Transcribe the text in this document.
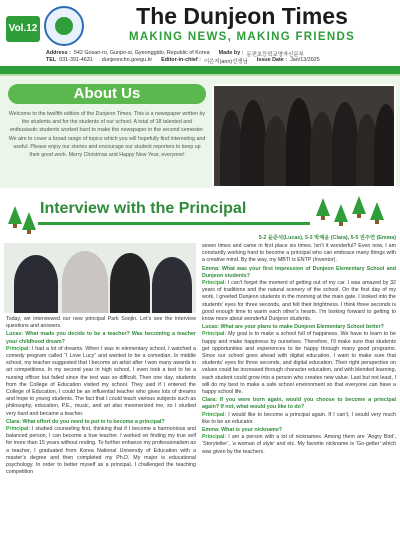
Vol.12	The Dunjeon Times
MAKING NEWS, MAKING FRIENDS
Address : 542 Gosan-ro, Gunpo-si, Gyeonggido, Republic of Korea Made by : 둔전초등학교영자신문부
TEL 031-391-4631 dunjeoncho.goegu.kr Editor-in-chief : 이은지(ann)선생님 Issue Date : Jan/13/2025
About Us
Welcome to the twelfth edition of the Dunjeon Times. This is a newspaper written by the students and for the students of our school. A total of 18 talented and enthusiastic students worked hard to make the newspaper in the second semester. We aim to cover a broad range of topics which you will hopefully find interesting and useful. Please enjoy our stories and encourage our student reporters to keep up their good work. Merry Christmas and Happy New Year, everyone!
Interview with the Principal
5-2 윤준석(Lucas), 5-3 박채윤 (Clara), 5-5 권주연 (Emma)
Today, we interviewed our new principal Park Soojin. Let’s see the interview questions and answers.
Lucas: What made you decide to be a teacher? Was becoming a teacher your childhood dream?
Principal: I had a lot of dreams. When I was in elementary school, I watched a comedy program called “I Love Lucy” and wanted to be a comedian. In middle school, my teacher suggested that I become an artist after I won many awards in art competitions. In my second year in high school, I even took a test to be a nursing officer but failed since the test was so difficult. Then one day, students from the College of Education visited my school. They said if I entered the College of Education, I could be an influential teacher who gives lots of dreams and hope to young students. The fact that I could teach various subjects such as philosophy, education, P.E., music, and art also mesmerized me, so I studied very hard and became a teacher.
Clara: What effort do you need to put in to become a principal?
Principal: I studied counseling first, thinking that if I become a harmonious and balanced person, I can become a true teacher. I worked on finding my true self for more than 15 years without resting. To further enhance my professionalism as a teacher, I graduated from Korea National University of Education with a master’s degree and then completed my Ph.D. My major is educational psychology. In order to better myself as a principal, I challenged the teaching competition
seven times and came in first place six times. Isn’t it wonderful? Even now, I am constantly working hard to become a principal who can embrace many things with a creative mind. By the way, my MBTI is ENTP (Inventor).
Emma: What was your first impression of Dunjeon Elementary School and Dunjeon students?
Principal: I can’t forget the moment of getting out of my car. I was amazed by 32 years of traditions and the natural scenery of the school. On the first day of my work, I greeted Dunjeon students in the morning at the main gate. I looked into the students’ eyes for three seconds, and felt their brightness. I think three seconds is good enough time to warm each other’s hearts. I’m looking forward to getting to know more about wonderful Dunjeon students.
Lucas: What are your plans to make Dunjeon Elementary School better?
Principal: My goal is to make a school full of happiness. We have to learn to be happy and make happiness by ourselves. Therefore, I’ll make sure that students get opportunities and experiences to be happy through many good programs. Since our school goes ahead with digital education, I want to make sure that students’ eyes for three seconds, and digital education. Their right perspective on values could be increased through character education, and with blended learning, each student could grow into a person who creates new value. Last but not least, I will do my best to make a safe school environment so that everyone can have a happy school life.
Clara: If you were born again, would you choose to become a principal again? If not, what would you like to do?
Principal: I would like to become a principal again. If I can’t, I would very much like to be an educator.
Emma: What is your nickname?
Principal: I am a person with a lot of nicknames. Among them are ‘Angry Bird’, ‘Storyteller’, ‘a woman of style’ and etc. My favorite nickname is ‘Go-getter’ which was given by the teachers.
